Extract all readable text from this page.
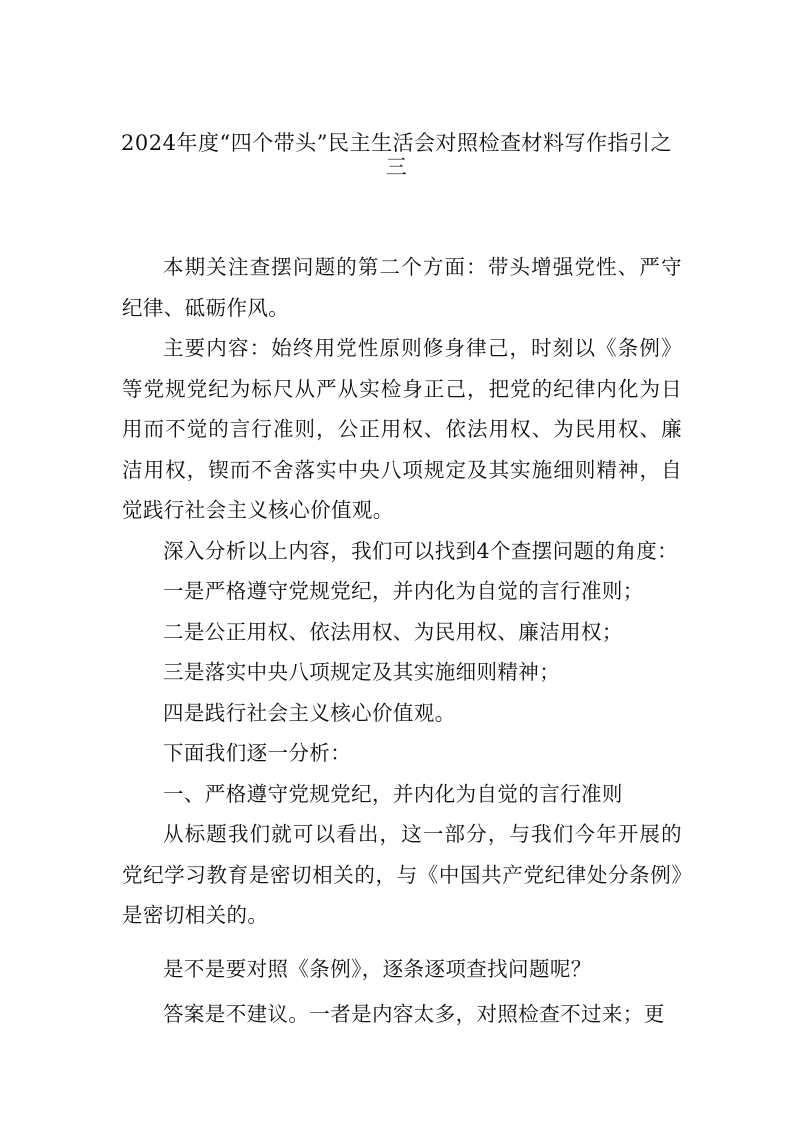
2024年度“四个带头”民主生活会对照检查材料写作指引之
三
本期关注查摆问题的第二个方面：带头增强党性、严守纪律、砥砺作风。
主要内容：始终用党性原则修身律己，时刻以《条例》等党规党纪为标尺从严从实检身正己，把党的纪律内化为日用而不觉的言行准则，公正用权、依法用权、为民用权、廉洁用权，锲而不舍落实中央八项规定及其实施细则精神，自觉践行社会主义核心价值观。
深入分析以上内容，我们可以找到4个查摆问题的角度：
一是严格遵守党规党纪，并内化为自觉的言行准则；
二是公正用权、依法用权、为民用权、廉洁用权；
三是落实中央八项规定及其实施细则精神；
四是践行社会主义核心价值观。
下面我们逐一分析：
一、严格遵守党规党纪，并内化为自觉的言行准则
从标题我们就可以看出，这一部分，与我们今年开展的党纪学习教育是密切相关的，与《中国共产党纪律处分条例》是密切相关的。
是不是要对照《条例》，逐条逐项查找问题呢？
答案是不建议。一者是内容太多，对照检查不过来；更
